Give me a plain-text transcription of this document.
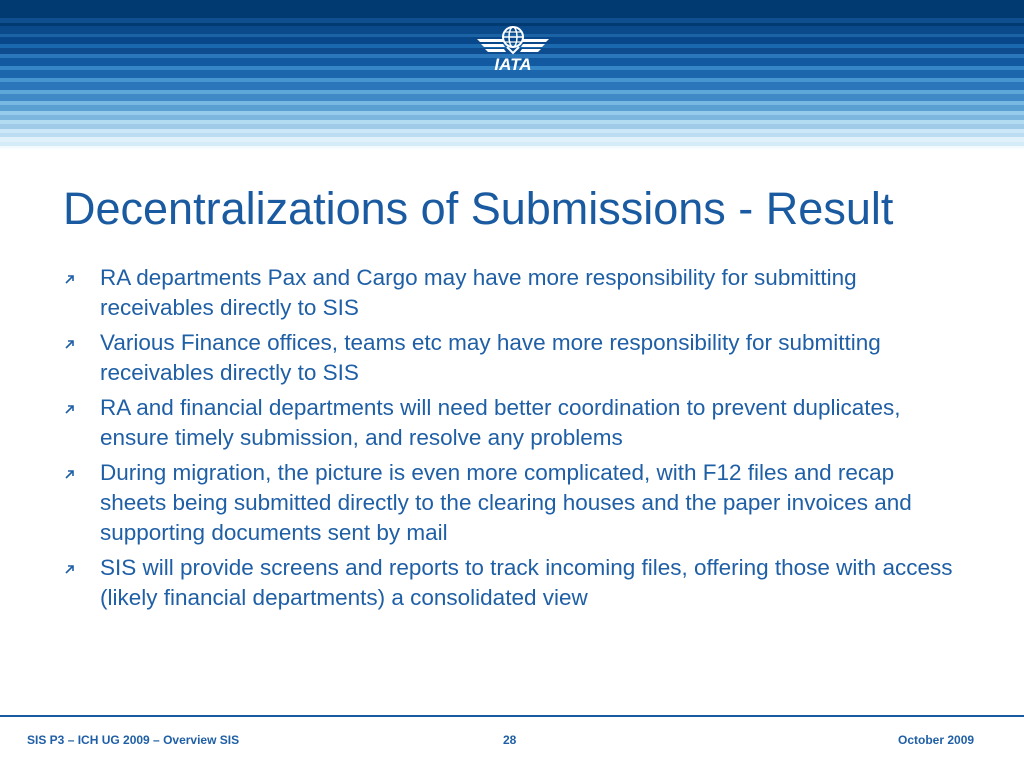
IATA
Decentralizations of Submissions - Result
RA departments Pax and Cargo may have more responsibility for submitting receivables directly to SIS
Various Finance offices, teams etc may have more responsibility for submitting receivables directly to SIS
RA and financial departments will need better coordination to prevent duplicates, ensure timely submission, and resolve any problems
During migration, the picture is even more complicated, with F12 files and recap sheets being submitted directly to the clearing houses and the paper invoices and supporting documents sent by mail
SIS will provide screens and reports to track incoming files, offering those with access (likely financial departments) a consolidated view
SIS P3 – ICH UG 2009 – Overview SIS	28	October 2009
